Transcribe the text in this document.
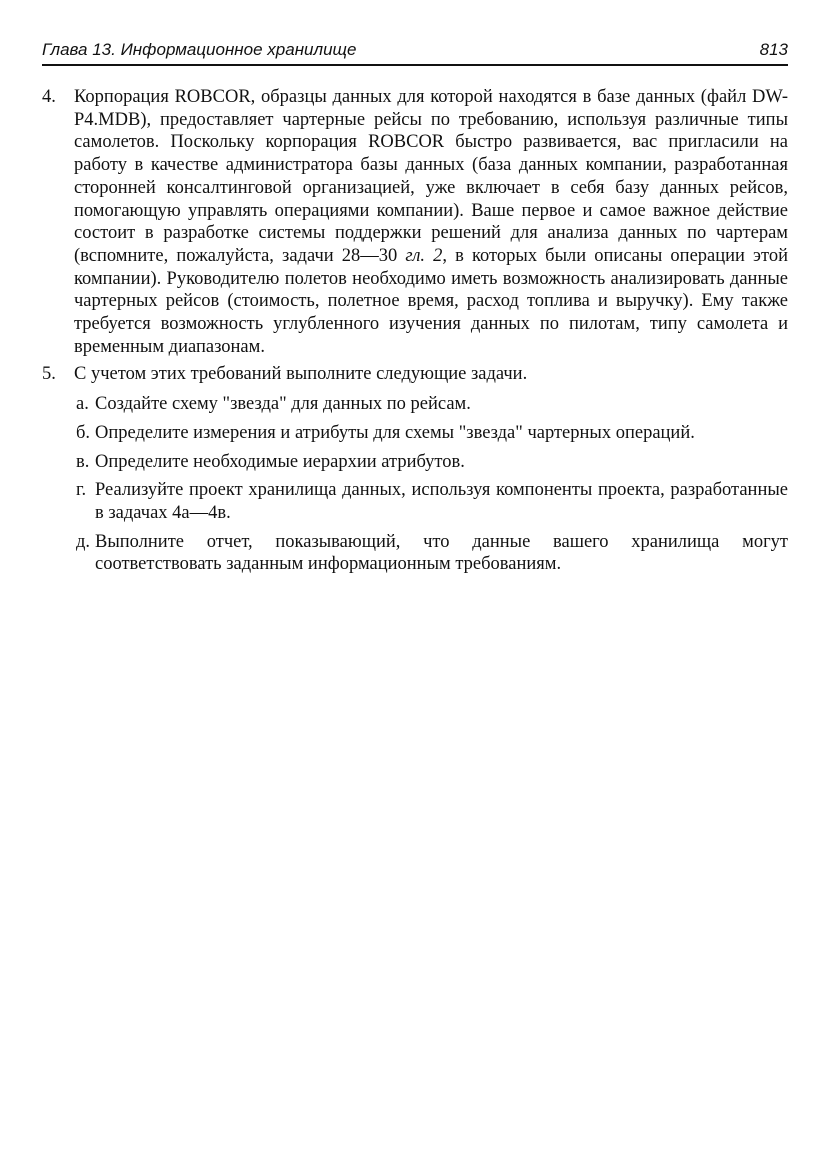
Глава 13. Информационное хранилище	813
4. Корпорация ROBCOR, образцы данных для которой находятся в базе данных (файл DW-P4.MDB), предоставляет чартерные рейсы по требованию, используя различные типы самолетов. Поскольку корпорация ROBCOR быстро развивается, вас пригласили на работу в качестве администратора базы данных (база данных компании, разработанная сторонней консалтинговой организацией, уже включает в себя базу данных рейсов, помогающую управлять операциями компании). Ваше первое и самое важное действие состоит в разработке системы поддержки решений для анализа данных по чартерам (вспомните, пожалуйста, задачи 28—30 гл. 2, в которых были описаны операции этой компании). Руководителю полетов необходимо иметь возможность анализировать данные чартерных рейсов (стоимость, полетное время, расход топлива и выручку). Ему также требуется возможность углубленного изучения данных по пилотам, типу самолета и временным диапазонам.
5. С учетом этих требований выполните следующие задачи.
а. Создайте схему "звезда" для данных по рейсам.
б. Определите измерения и атрибуты для схемы "звезда" чартерных операций.
в. Определите необходимые иерархии атрибутов.
г. Реализуйте проект хранилища данных, используя компоненты проекта, разработанные в задачах 4а—4в.
д. Выполните отчет, показывающий, что данные вашего хранилища могут соответствовать заданным информационным требованиям.
